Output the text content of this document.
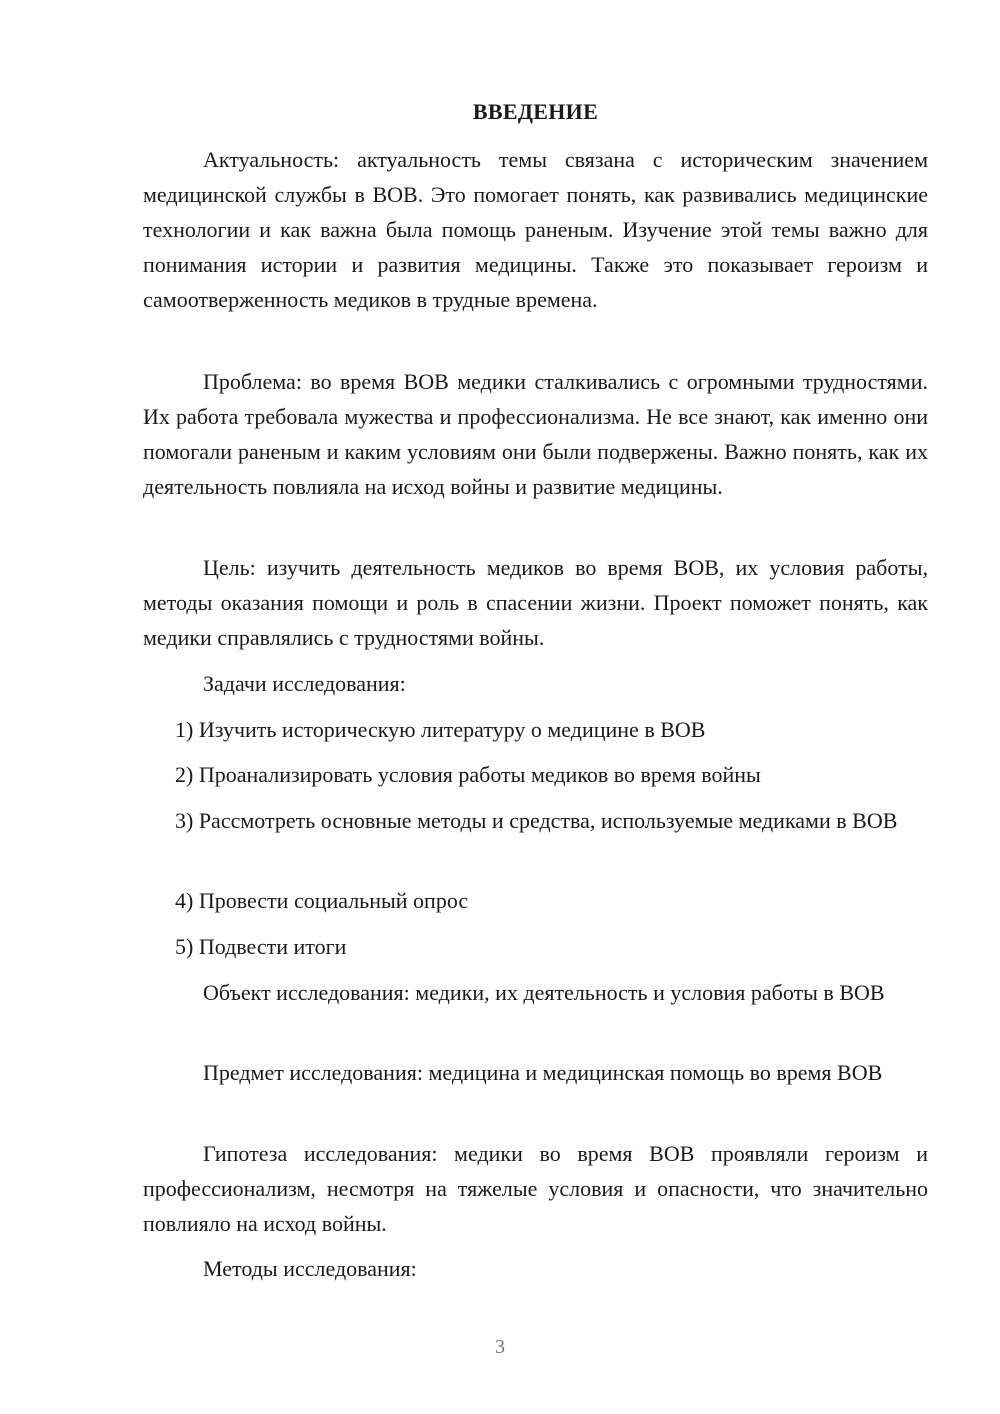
ВВЕДЕНИЕ

Актуальность: актуальность темы связана с историческим значением медицинской службы в ВОВ. Это помогает понять, как развивались медицинские технологии и как важна была помощь раненым. Изучение этой темы важно для понимания истории и развития медицины. Также это показывает героизм и самоотверженность медиков в трудные времена.

Проблема: во время ВОВ медики сталкивались с огромными трудностями. Их работа требовала мужества и профессионализма. Не все знают, как именно они помогали раненым и каким условиям они были подвержены. Важно понять, как их деятельность повлияла на исход войны и развитие медицины.

Цель: изучить деятельность медиков во время ВОВ, их условия работы, методы оказания помощи и роль в спасении жизни. Проект поможет понять, как медики справлялись с трудностями войны.

Задачи исследования:

1) Изучить историческую литературу о медицине в ВОВ

2) Проанализировать условия работы медиков во время войны

3) Рассмотреть основные методы и средства, используемые медиками в ВОВ

4) Провести социальный опрос

5) Подвести итоги

Объект исследования: медики, их деятельность и условия работы в ВОВ

Предмет исследования: медицина и медицинская помощь во время ВОВ

Гипотеза исследования: медики во время ВОВ проявляли героизм и профессионализм, несмотря на тяжелые условия и опасности, что значительно повлияло на исход войны.

Методы исследования:

3
